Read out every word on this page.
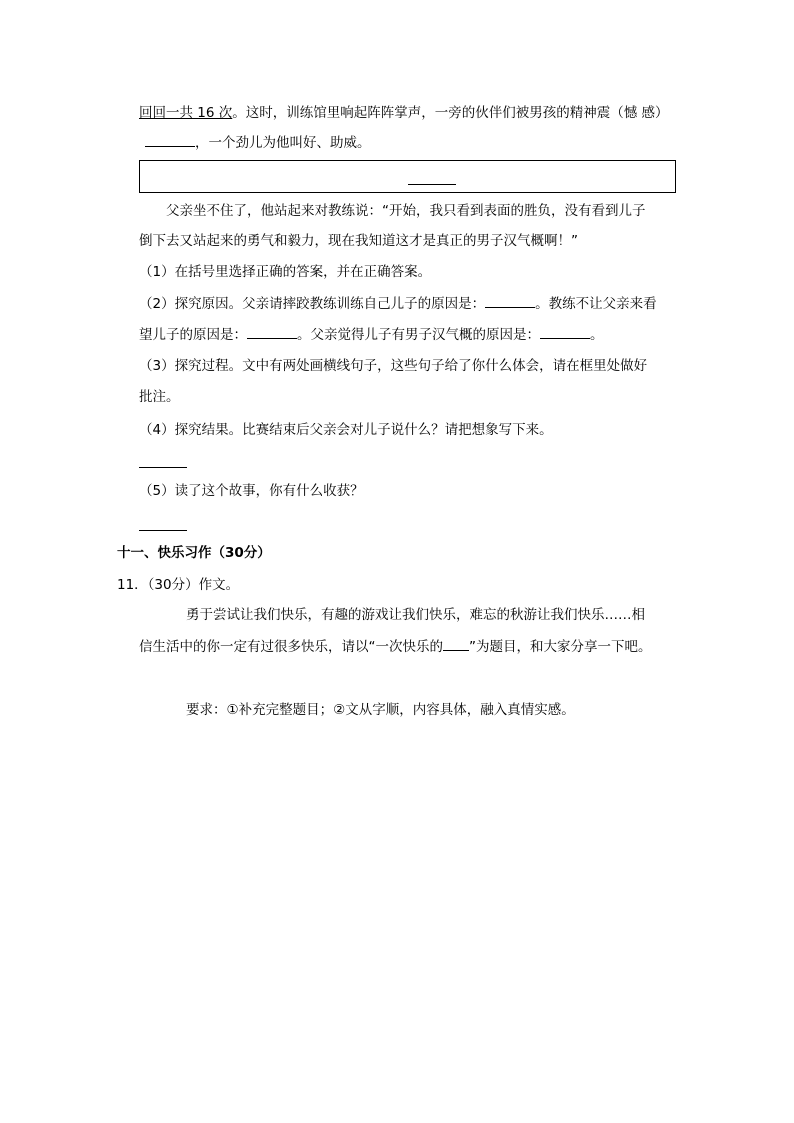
回回一共 16 次。这时，训练馆里响起阵阵掌声，一旁的伙伴们被男孩的精神震（憾 感）
，一个劲儿为他叫好、助威。
父亲坐不住了，他站起来对教练说：“开始，我只看到表面的胜负，没有看到儿子
倒下去又站起来的勇气和毅力，现在我知道这才是真正的男子汉气概啊！”
（1）在括号里选择正确的答案，并在正确答案。
（2）探究原因。父亲请摔跤教练训练自己儿子的原因是：	。教练不让父亲来看
望儿子的原因是：	。父亲觉得儿子有男子汉气概的原因是：	。
（3）探究过程。文中有两处画横线句子，这些句子给了你什么体会，请在框里处做好
批注。
（4）探究结果。比赛结束后父亲会对儿子说什么？请把想象写下来。
（5）读了这个故事，你有什么收获？
十一、快乐习作（30分）
11．（30分）作文。
勇于尝试让我们快乐，有趣的游戏让我们快乐，难忘的秋游让我们快乐……相
信生活中的你一定有过很多快乐，请以“一次快乐的 ”为题目，和大家分享一下吧。
要求：①补充完整题目；②文从字顺，内容具体，融入真情实感。
